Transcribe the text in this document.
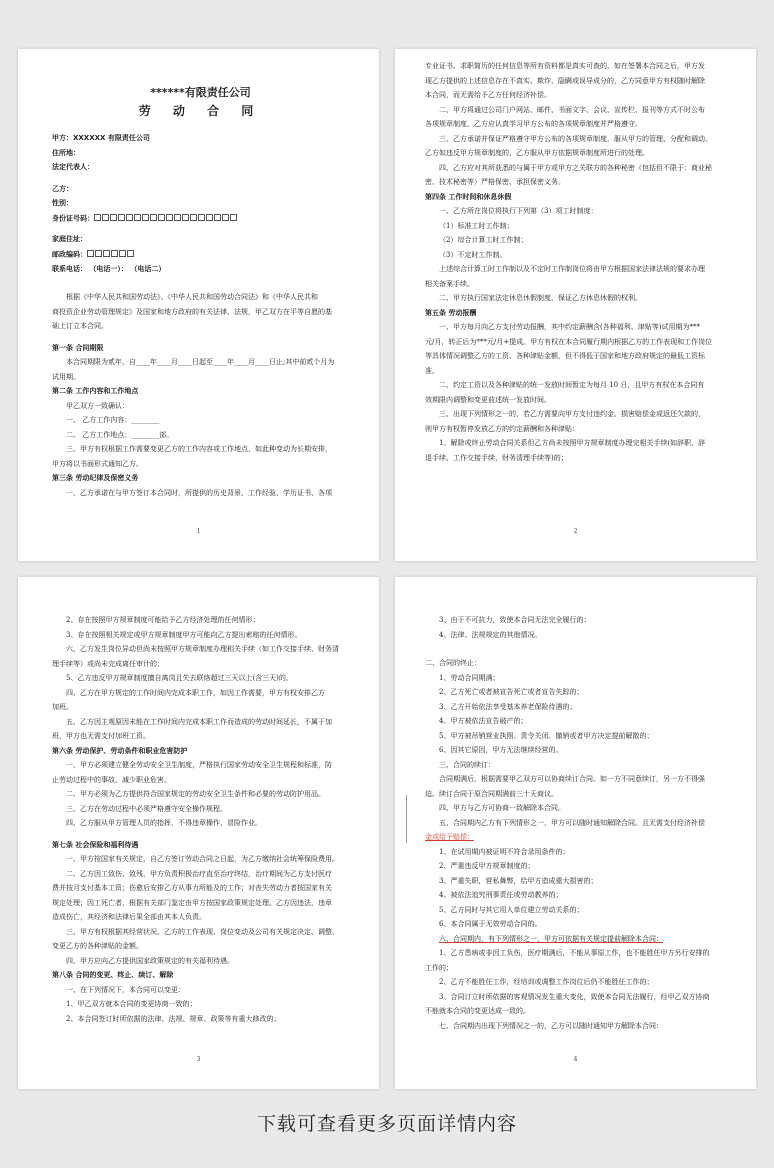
******有限责任公司
劳 动 合 同
甲方：XXXXXX 有限责任公司
住所地：
法定代表人：
乙方：
性别：
身份证号码：
家庭住址：
邮政编码：
联系电话： （电话一）： （电话二）
根据《中华人民共和国劳动法》、《中华人民共和国劳动合同法》和《中华人民共和
商投资企业劳动管理规定》及国家和地方政府的有关法律、法规，甲乙双方在平等自愿的基
础上订立本合同。
第一条 合同期限
本合同期限为贰年，自____年____月____日起至____年____月____日止;其中前贰个月为
试用期。
第二条 工作内容和工作地点
甲乙双方一致确认：
一、 乙方工作内容：________
二、 乙方工作地点：________部。
三、甲方有权根据工作需要变更乙方的工作内容或工作地点，如此种变动为长期安排，
甲方将以书面形式通知乙方。
第三条 劳动纪律及保密义务
一、乙方承诺在与甲方签订本合同时，所提供的历史背景、工作经验、学历证书、各项
1
专业证书、求职简历的任何信息等所有资料都是真实可查的，如在签署本合同之后，甲方发
现乙方提供的上述信息存在不真实、欺诈、隐瞒或误导成分的，乙方同意甲方有权随时解除
本合同，而无需给予乙方任何经济补偿。
二、甲方将通过公司门户网站、邮件、书面文字、会议、宣传栏、报刊等方式不时公布
各项规章制度，乙方应认真学习甲方公布的各项规章制度并严格遵守。
三、乙方承诺并保证严格遵守甲方公布的各项规章制度，服从甲方的管理、分配和调动。
乙方如违反甲方规章制度的，乙方服从甲方依据规章制度所进行的处理。
四、乙方应对其所获悉的与属于甲方或甲方之关联方的各种秘密（包括但不限于：商业秘
密、技术秘密等）严格保密、承担保密义务。
第四条 工作时间和休息休假
一、乙方所在岗位将执行下列第（3）项工时制度：
（1）标准工时工作制；
（2）综合计算工时工作制；
（3）不定时工作制。
上述综合计算工时工作制以及不定时工作制岗位将由甲方根据国家法律法规的要求办理
相关备案手续。
二、甲方执行国家法定休息休假制度，保证乙方休息休假的权利。
第五条 劳动报酬
一、甲方每月向乙方支付劳动报酬，其中约定薪酬含(各种福利、津贴等)试用期为***
元/月，转正后为***元/月+提成。甲方有权在本合同履行期内根据乙方的工作表现和工作岗位
等具体情况调整乙方的工资、各种津贴金额，但不得低于国家和地方政府规定的最低工资标
准。
二、约定工资以及各种津贴的统一发放时间暂定为每月 10 日，且甲方有权在本合同有
效期限内调整和变更前述统一发放时间。
三、出现下列情形之一的，若乙方需要向甲方支付违约金、损害赔偿金或返还欠款的，
则甲方有权暂停发放乙方的约定薪酬和各种津贴：
1、解除或终止劳动合同关系但乙方尚未按照甲方规章制度办理完相关手续(如辞职、辞
退手续、工作交接手续、财务清理手续等)的；
2
2、存在按照甲方规章制度可能给予乙方经济处理的任何情形；
3、存在按照相关规定或甲方规章制度甲方可能向乙方提出索赔的任何情形。
六、乙方发生岗位异动但尚未按照甲方规章制度办理相关手续（如工作交接手续、财务清
理手续等）或尚未完成离任审计的；
5、乙方违反甲方规章制度擅自离岗且失去联络超过三天以上(含三天)的。
四、乙方在甲方规定的工作时间内完成本职工作，如因工作需要，甲方有权安排乙方
加班。
五、乙方因主观原因未能在工作时间内完成本职工作而造成的劳动时间延长，不属于加
班，甲方也无需支付加班工资。
第六条 劳动保护、劳动条件和职业危害防护
一、甲方必须建立健全劳动安全卫生制度，严格执行国家劳动安全卫生规程和标准，防
止劳动过程中的事故，减少职业危害。
二、甲方必须为乙方提供符合国家规定的劳动安全卫生条件和必要的劳动防护用品。
三、乙方在劳动过程中必须严格遵守安全操作规程。
四、乙方服从甲方管理人员的指挥，不得违章操作，冒险作业。
第七条 社会保险和福利待遇
一、甲方按国家有关规定，自乙方签订劳动合同之日起，为乙方缴纳社会统筹保险费用。
二、乙方因工致伤、致残，甲方负责积极治疗直至治疗终结，治疗期间为乙方支付医疗
费并按月支付基本工资；伤愈后安排乙方从事力所能及的工作；对丧失劳动力者按国家有关
规定处理；因工死亡者，根据有关部门鉴定由甲方按国家政策规定处理。乙方因违法，违章
造成伤亡，其经济和法律后果全部由其本人负责。
三、甲方有权根据其经营状况、乙方的工作表现、岗位变动及公司有关规定决定、调整、
变更乙方的各种津贴的金额。
四、甲方应向乙方提供国家政策规定的有关福利待遇。
第八条 合同的变更、终止、续订、解除
一、在下列情况下，本合同可以变更：
1、甲乙双方就本合同的变更协商一致的；
2、本合同签订时所依据的法律、法规、规章、政策等有重大修改的；
3
3、由于不可抗力，致使本合同无法完全履行的；
4、法律、法规规定的其他情况。
二、合同的终止：
1、劳动合同期满；
2、乙方死亡或者被宣告死亡或者宣告失踪的；
3、乙方开始依法享受基本养老保险待遇的；
4、甲方被依法宣告破产的；
5、甲方被吊销营业执照、责令关闭、撤销或者甲方决定提前解散的；
6、因其它原因，甲方无法继续经营的。
三、合同的续订：
合同期满后，根据需要甲乙双方可以协商续订合同。如一方不同意续订，另一方不得强
迫。续订合同于原合同期满前三十天商议。
四、甲方与乙方可协商一致解除本合同。
五、合同期内乙方有下列情形之一，甲方可以随时通知解除合同。且无需支付经济补偿
金或给予赔偿：
1、在试用期内被证明不符合录用条件的；
2、严重违反甲方规章制度的；
3、严重失职，营私舞弊，给甲方造成重大损害的；
4、被依法追究刑事责任或劳动教养的；
5、乙方同时与其它用人单位建立劳动关系的；
6、本合同属于无效劳动合同的。
六、合同期内，有下列情形之一，甲方可依据有关规定提前解除本合同：
1、乙方患病或非因工负伤，医疗期满后，不能从事原工作，也不能胜任甲方另行安排的
工作的；
2、乙方不能胜任工作，经培训或调整工作岗位后仍不能胜任工作的；
3、合同订立时所依据的客观情况发生重大变化，致使本合同无法履行，经甲乙双方协商
不能就本合同的变更达成一致的。
七、合同期内出现下列情况之一的，乙方可以随时通知甲方解除本合同：
4
下载可查看更多页面详情内容
